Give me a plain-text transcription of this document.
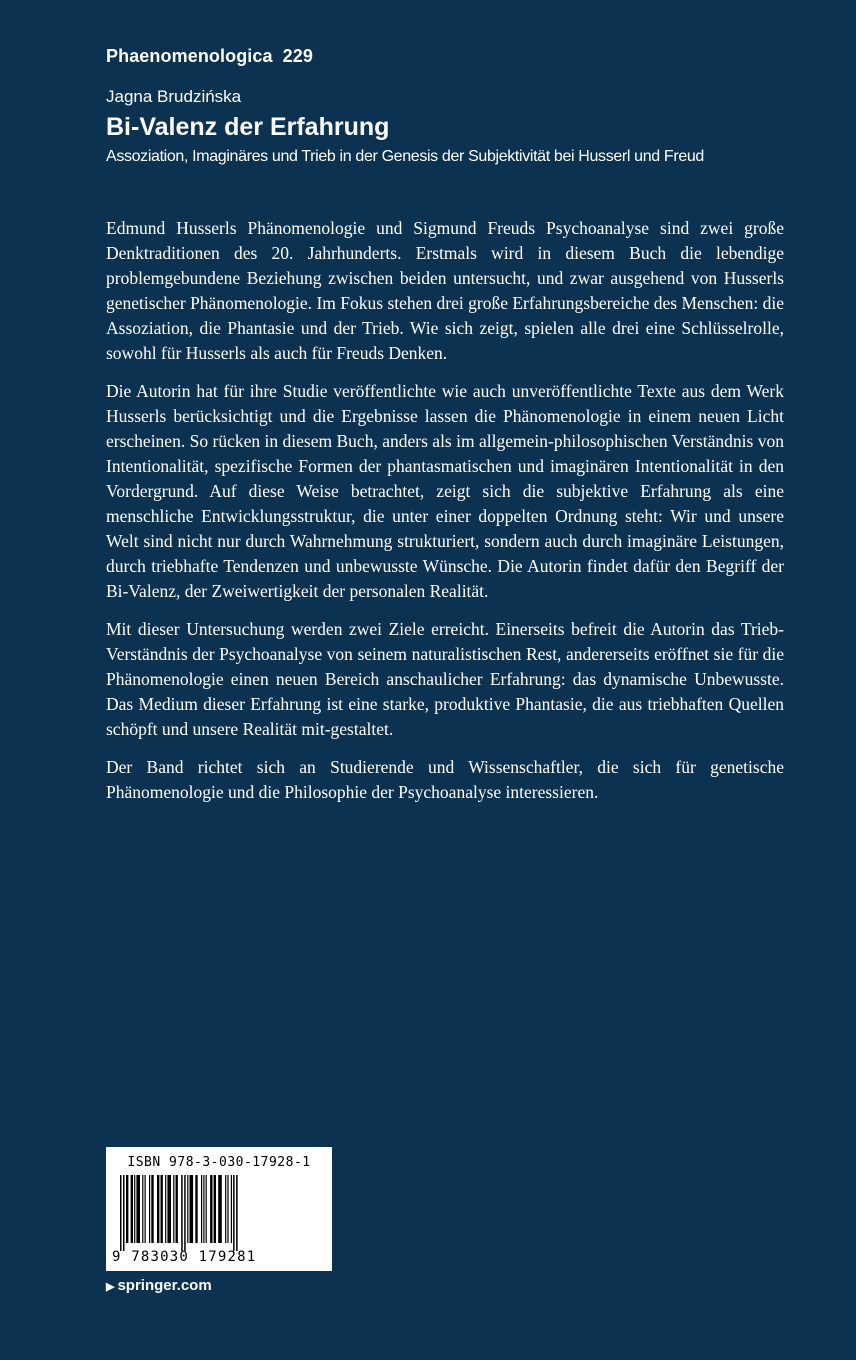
Phaenomenologica 229
Jagna Brudzińska
Bi-Valenz der Erfahrung
Assoziation, Imaginäres und Trieb in der Genesis der Subjektivität bei Husserl und Freud

Edmund Husserls Phänomenologie und Sigmund Freuds Psychoanalyse sind zwei große Denktraditionen des 20. Jahrhunderts. Erstmals wird in diesem Buch die lebendige problemgebundene Beziehung zwischen beiden untersucht, und zwar ausgehend von Husserls genetischer Phänomenologie. Im Fokus stehen drei große Erfahrungsbereiche des Menschen: die Assoziation, die Phantasie und der Trieb. Wie sich zeigt, spielen alle drei eine Schlüsselrolle, sowohl für Husserls als auch für Freuds Denken.

Die Autorin hat für ihre Studie veröffentlichte wie auch unveröffentlichte Texte aus dem Werk Husserls berücksichtigt und die Ergebnisse lassen die Phänomenologie in einem neuen Licht erscheinen. So rücken in diesem Buch, anders als im allgemein-philosophischen Verständnis von Intentionalität, spezifische Formen der phantasmatischen und imaginären Intentionalität in den Vordergrund. Auf diese Weise betrachtet, zeigt sich die subjektive Erfahrung als eine menschliche Entwicklungsstruktur, die unter einer doppelten Ordnung steht: Wir und unsere Welt sind nicht nur durch Wahrnehmung strukturiert, sondern auch durch imaginäre Leistungen, durch triebhafte Tendenzen und unbewusste Wünsche. Die Autorin findet dafür den Begriff der Bi-Valenz, der Zweiwertigkeit der personalen Realität.

Mit dieser Untersuchung werden zwei Ziele erreicht. Einerseits befreit die Autorin das Trieb-Verständnis der Psychoanalyse von seinem naturalistischen Rest, andererseits eröffnet sie für die Phänomenologie einen neuen Bereich anschaulicher Erfahrung: das dynamische Unbewusste. Das Medium dieser Erfahrung ist eine starke, produktive Phantasie, die aus triebhaften Quellen schöpft und unsere Realität mit-gestaltet.

Der Band richtet sich an Studierende und Wissenschaftler, die sich für genetische Phänomenologie und die Philosophie der Psychoanalyse interessieren.

ISBN 978-3-030-17928-1
9 783030 179281
▶ springer.com
